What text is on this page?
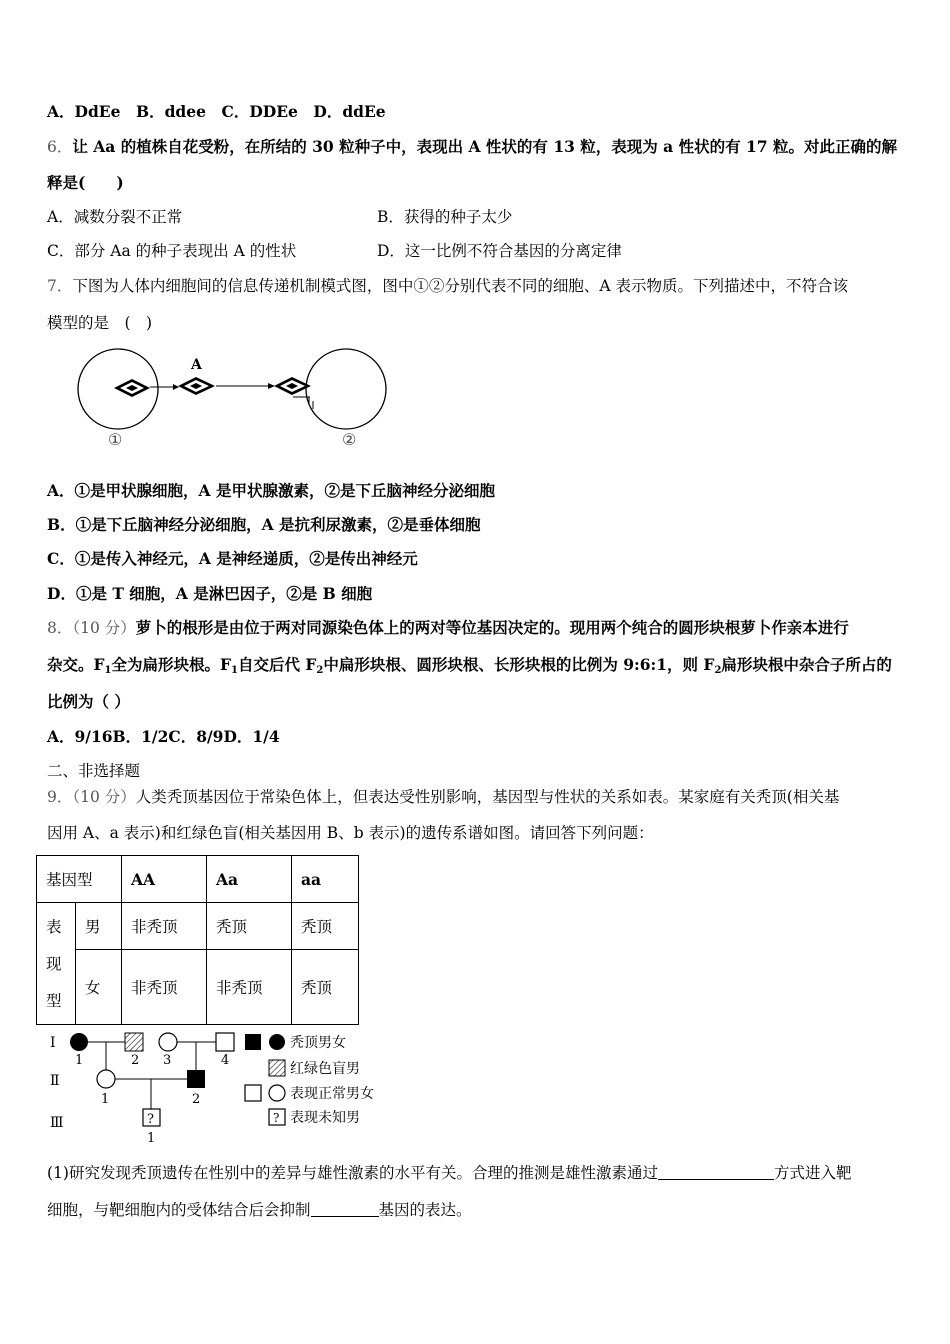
A．DdEe　B．ddee　C．DDEe　D．ddEe
6．让 Aa 的植株自花受粉，在所结的 30 粒种子中，表现出 A 性状的有 13 粒，表现为 a 性状的有 17 粒。对此正确的解
释是(　　)
A．减数分裂不正常	B．获得的种子太少
C．部分 Aa 的种子表现出 A 的性状	D．这一比例不符合基因的分离定律
7．下图为人体内细胞间的信息传递机制模式图，图中①②分别代表不同的细胞、A 表示物质。下列描述中，不符合该
模型的是　(　)
A
①	②
A．①是甲状腺细胞，A 是甲状腺激素，②是下丘脑神经分泌细胞
B．①是下丘脑神经分泌细胞，A 是抗利尿激素，②是垂体细胞
C．①是传入神经元，A 是神经递质，②是传出神经元
D．①是 T 细胞，A 是淋巴因子，②是 B 细胞
8．（10 分）萝卜的根形是由位于两对同源染色体上的两对等位基因决定的。现用两个纯合的圆形块根萝卜作亲本进行
杂交。$F_1$全为扁形块根。$F_1$自交后代 $F_2$中扁形块根、圆形块根、长形块根的比例为 9:6:1，则 $F_2$扁形块根中杂合子所占的
比例为（ ）
A．9/16B．1/2C．8/9D．1/4
二、非选择题
9．（10 分）人类秃顶基因位于常染色体上，但表达受性别影响，基因型与性状的关系如表。某家庭有关秃顶(相关基
因用 A、a 表示)和红绿色盲(相关基因用 B、b 表示)的遗传系谱如图。请回答下列问题：
基因型		AA	Aa	aa

表
现
型	男	非秃顶	秃顶	秃顶
	女	非秃顶	非秃顶	秃顶
Ⅰ
Ⅱ
Ⅲ
1	2 3	4
1	2
?
1
秃顶男女
红绿色盲男
表现正常男女
? 表现未知男
(1)研究发现秃顶遗传在性别中的差异与雄性激素的水平有关。合理的推测是雄性激素通过	方式进入靶
细胞，与靶细胞内的受体结合后会抑制	基因的表达。
